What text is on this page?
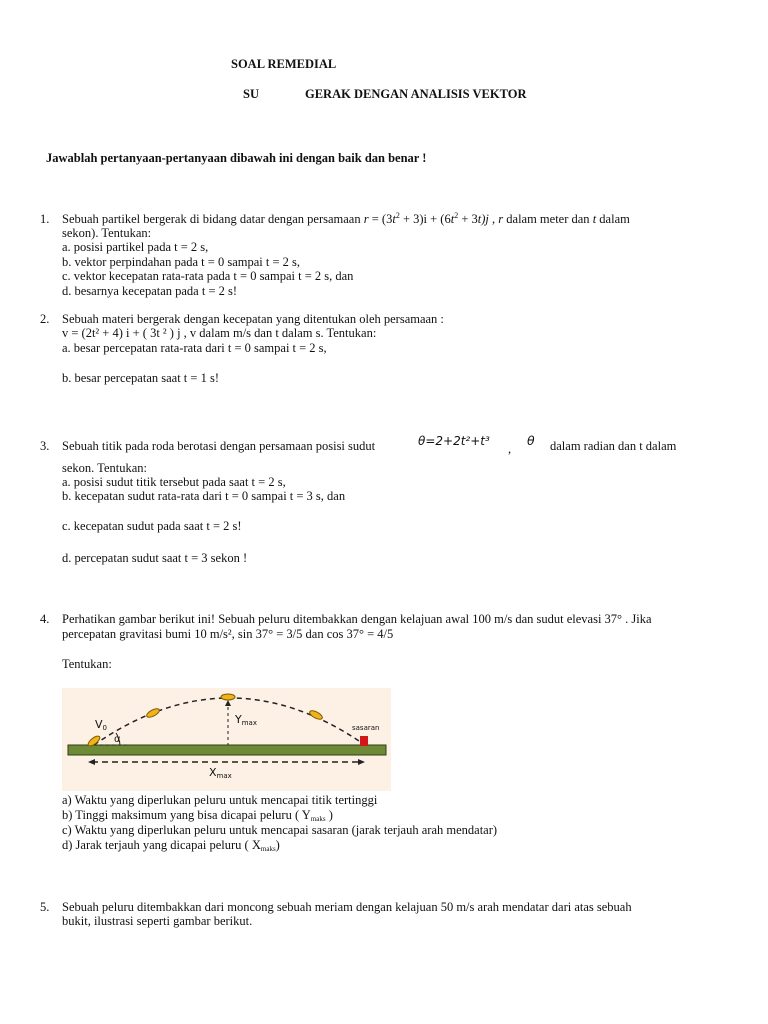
SOAL REMEDIAL
SU	GERAK DENGAN ANALISIS VEKTOR
Jawablah pertanyaan-pertanyaan dibawah ini dengan baik dan benar !
1. Sebuah partikel bergerak di bidang datar dengan persamaan $r = (3t^2 + 3)i + (6t^2 + 3t)j$ , r dalam meter dan t dalam
sekon). Tentukan:
a. posisi partikel pada t = 2 s,
b. vektor perpindahan pada t = 0 sampai t = 2 s,
c. vektor kecepatan rata-rata pada t = 0 sampai t = 2 s, dan
d. besarnya kecepatan pada t = 2 s!
2. Sebuah materi bergerak dengan kecepatan yang ditentukan oleh persamaan :
v = (2t² + 4) i + ( 3t ² ) j , v dalam m/s dan t dalam s. Tentukan:
a. besar percepatan rata-rata dari t = 0 sampai t = 2 s,
b. besar percepatan saat t = 1 s!
3. Sebuah titik pada roda berotasi dengan persamaan posisi sudut	θ=2+2t²+t³
,
θ dalam radian dan t dalam
sekon. Tentukan:
a. posisi sudut titik tersebut pada saat t = 2 s,
b. kecepatan sudut rata-rata dari t = 0 sampai t = 3 s, dan
c. kecepatan sudut pada saat t = 2 s!
d. percepatan sudut saat t = 3 sekon !
4. Perhatikan gambar berikut ini! Sebuah peluru ditembakkan dengan kelajuan awal 100 m/s dan sudut elevasi 37° . Jika
percepatan gravitasi bumi 10 m/s², sin 37° = 3/5 dan cos 37° = 4/5
Tentukan:
$V_0$
α
$Y_{max}$
sasaran
$X_{max}$
a) Waktu yang diperlukan peluru untuk mencapai titik tertinggi
b) Tinggi maksimum yang bisa dicapai peluru ( $Y_{maks}$ )
c) Waktu yang diperlukan peluru untuk mencapai sasaran (jarak terjauh arah mendatar)
d) Jarak terjauh yang dicapai peluru ( $X_{maks}$)
5. Sebuah peluru ditembakkan dari moncong sebuah meriam dengan kelajuan 50 m/s arah mendatar dari atas sebuah
bukit, ilustrasi seperti gambar berikut.
